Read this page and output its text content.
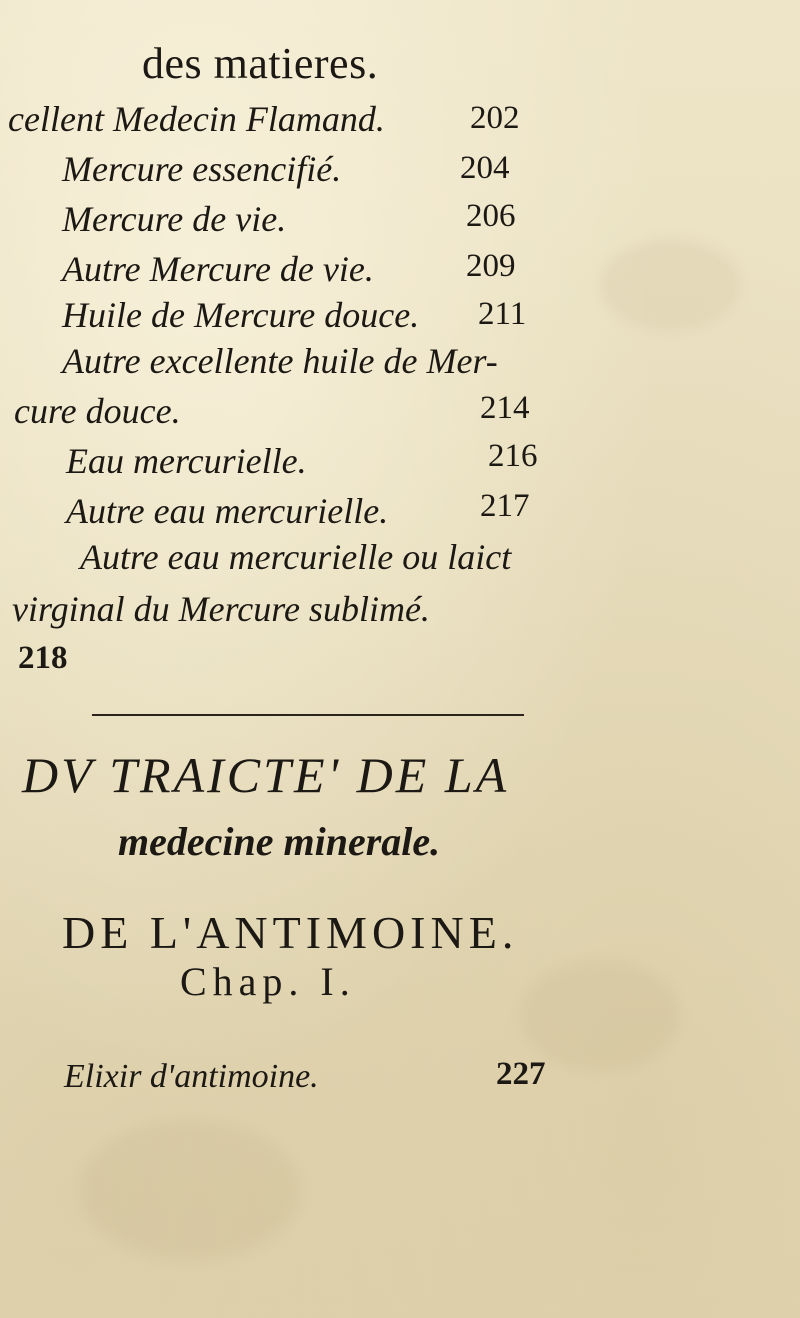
des matieres.
cellent Medecin Flamand.	202
Mercure essencifié.	204
Mercure de vie.	206
Autre Mercure de vie.	209
Huile de Mercure douce. 211
Autre excellente huile de Mer-
cure douce.	214
Eau mercurielle.	216
Autre eau mercurielle.	217
Autre eau mercurielle ou laict
virginal du Mercure sublimé.
218
DV TRAICTE' DE LA
medecine minerale.
DE L'ANTIMOINE.
Chap. I.
Elixir d'antimoine.	227
